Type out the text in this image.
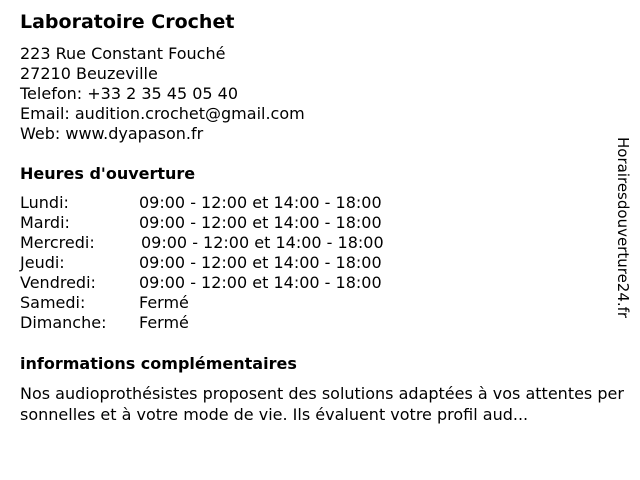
Laboratoire Crochet
223 Rue Constant Fouché
27210 Beuzeville
Telefon: +33 2 35 45 05 40
Email: audition.crochet@gmail.com
Web: www.dyapason.fr
Heures d'ouverture
Lundi:	09:00 - 12:00 et 14:00 - 18:00
Mardi:	09:00 - 12:00 et 14:00 - 18:00
Mercredi:	09:00 - 12:00 et 14:00 - 18:00
Jeudi:	09:00 - 12:00 et 14:00 - 18:00
Vendredi:	09:00 - 12:00 et 14:00 - 18:00
Samedi:	Fermé
Dimanche: Fermé
informations complémentaires
Nos audioprothésistes proposent des solutions adaptées à vos attentes personnelles et à votre mode de vie. Ils évaluent votre profil aud...
Horairesdouverture24.fr
